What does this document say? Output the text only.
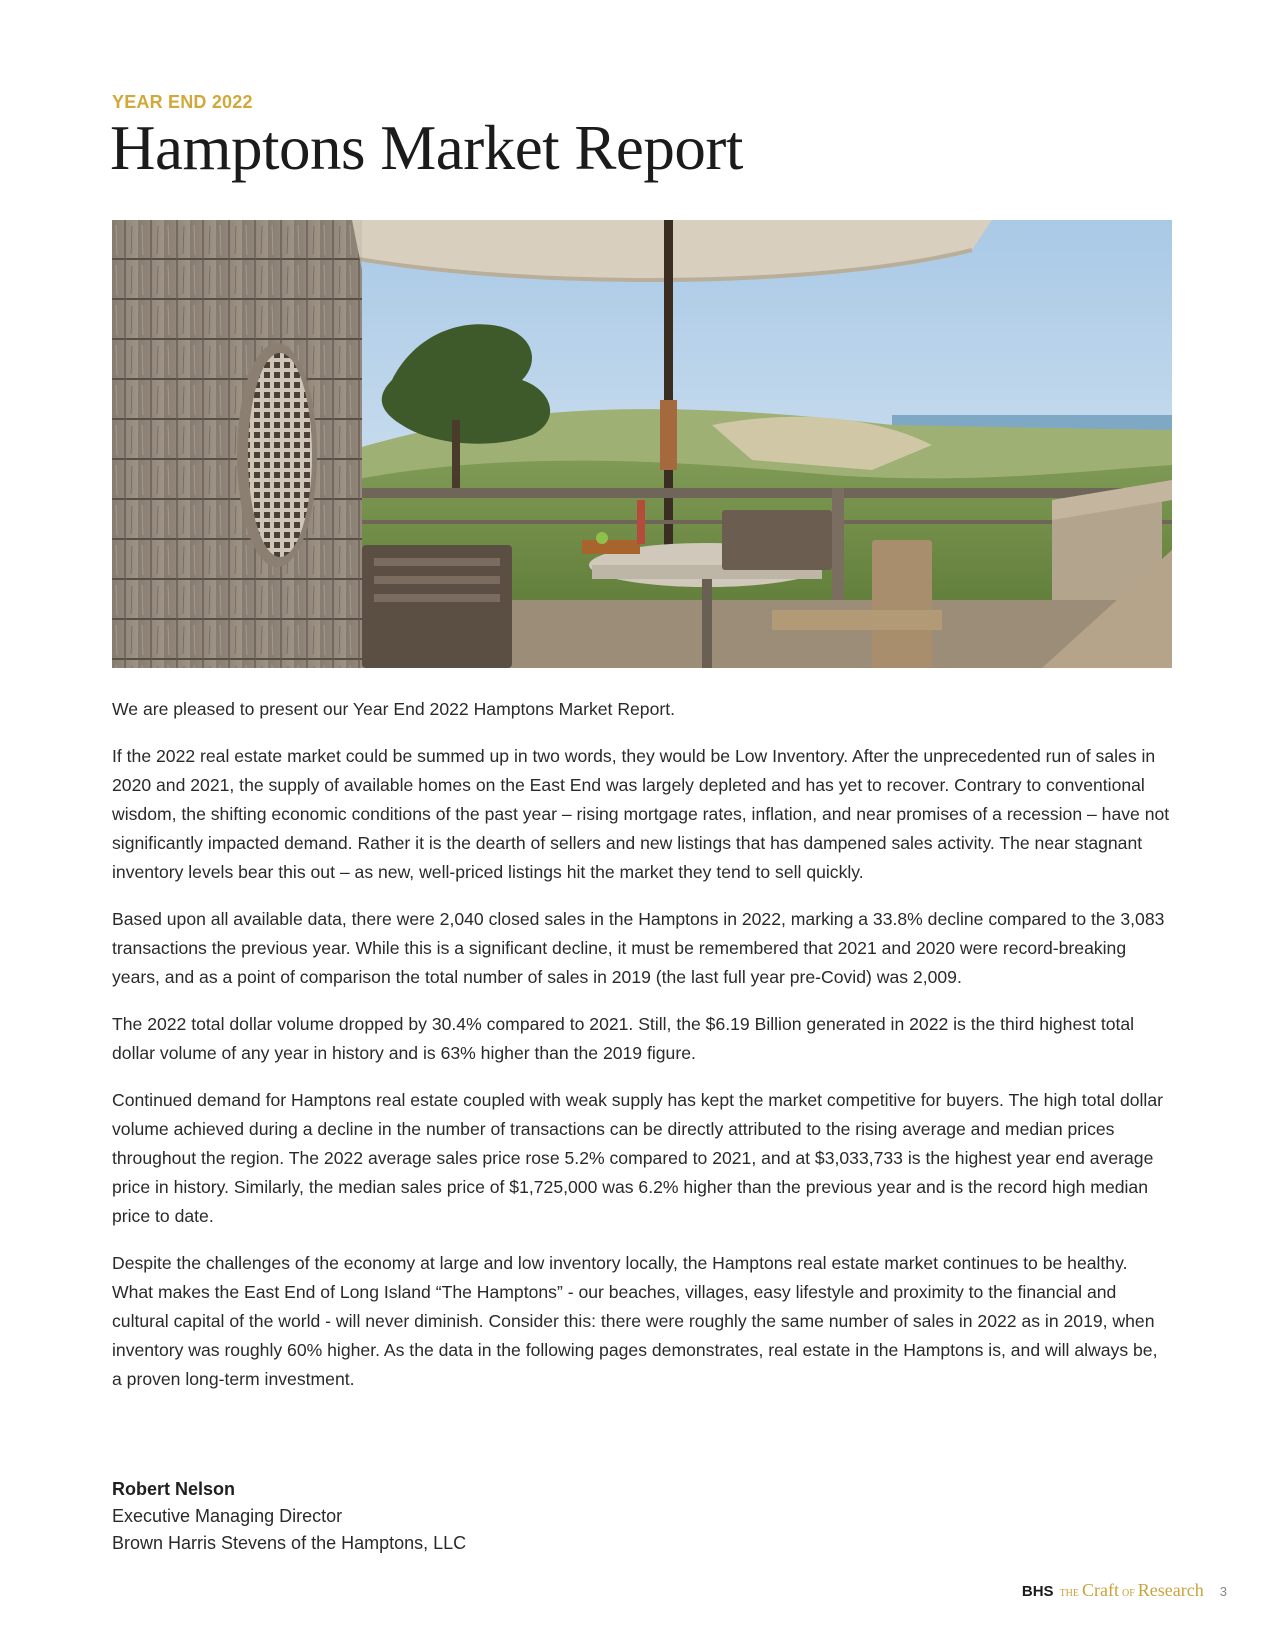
YEAR END 2022
Hamptons Market Report

We are pleased to present our Year End 2022 Hamptons Market Report.

If the 2022 real estate market could be summed up in two words, they would be Low Inventory. After the unprecedented run of sales in 2020 and 2021, the supply of available homes on the East End was largely depleted and has yet to recover. Contrary to conventional wisdom, the shifting economic conditions of the past year – rising mortgage rates, inflation, and near promises of a recession – have not significantly impacted demand. Rather it is the dearth of sellers and new listings that has dampened sales activity. The near stagnant inventory levels bear this out – as new, well-priced listings hit the market they tend to sell quickly.

Based upon all available data, there were 2,040 closed sales in the Hamptons in 2022, marking a 33.8% decline compared to the 3,083 transactions the previous year. While this is a significant decline, it must be remembered that 2021 and 2020 were record-breaking years, and as a point of comparison the total number of sales in 2019 (the last full year pre-Covid) was 2,009.

The 2022 total dollar volume dropped by 30.4% compared to 2021. Still, the $6.19 Billion generated in 2022 is the third highest total dollar volume of any year in history and is 63% higher than the 2019 figure.

Continued demand for Hamptons real estate coupled with weak supply has kept the market competitive for buyers. The high total dollar volume achieved during a decline in the number of transactions can be directly attributed to the rising average and median prices throughout the region. The 2022 average sales price rose 5.2% compared to 2021, and at $3,033,733 is the highest year end average price in history. Similarly, the median sales price of $1,725,000 was 6.2% higher than the previous year and is the record high median price to date.

Despite the challenges of the economy at large and low inventory locally, the Hamptons real estate market continues to be healthy. What makes the East End of Long Island “The Hamptons” - our beaches, villages, easy lifestyle and proximity to the financial and cultural capital of the world - will never diminish. Consider this: there were roughly the same number of sales in 2022 as in 2019, when inventory was roughly 60% higher. As the data in the following pages demonstrates, real estate in the Hamptons is, and will always be, a proven long-term investment.

Robert Nelson
Executive Managing Director
Brown Harris Stevens of the Hamptons, LLC
BHS THE Craft OF Research 3
